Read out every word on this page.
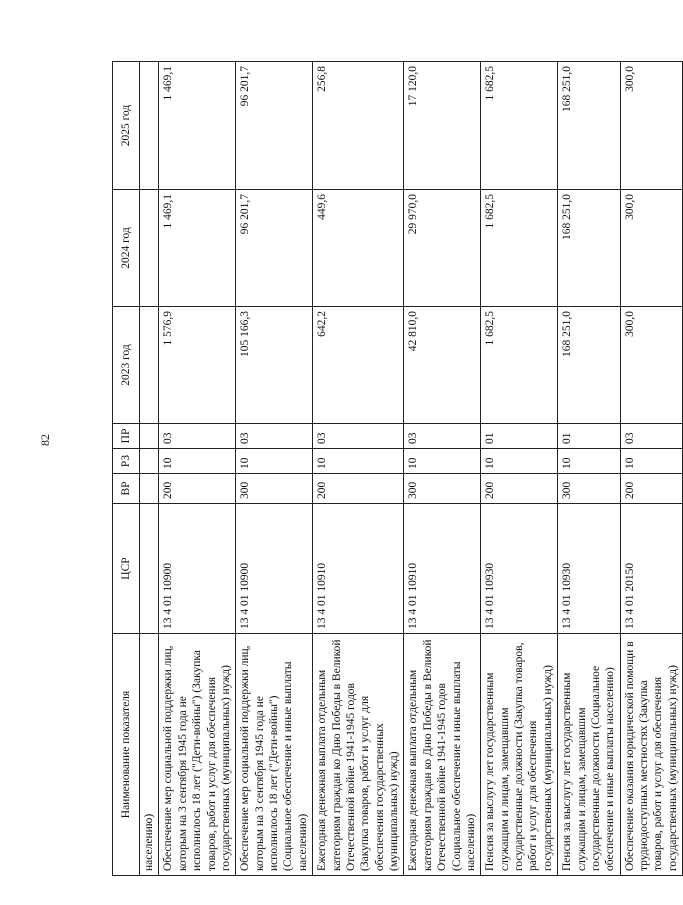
82
Наименование показателя	ЦСР	ВР	РЗ	ПР	2023 год	2024 год	2025 год
населению)							
Обеспечение мер социальной поддержки лиц, которым на 3 сентября 1945 года не исполнилось 18 лет ("Дети-войны") (Закупка товаров, работ и услуг для обеспечения государственных (муниципальных) нужд)	13 4 01 10900	200	10	03	1 576,9	1 469,1	1 469,1
Обеспечение мер социальной поддержки лиц, которым на 3 сентября 1945 года не исполнилось 18 лет ("Дети-войны") (Социальное обеспечение и иные выплаты населению)	13 4 01 10900	300	10	03	105 166,3	96 201,7	96 201,7
Ежегодная денежная выплата отдельным категориям граждан ко Дню Победы в Великой Отечественной войне 1941-1945 годов (Закупка товаров, работ и услуг для обеспечения государственных (муниципальных) нужд)	13 4 01 10910	200	10	03	642,2	449,6	256,8
Ежегодная денежная выплата отдельным категориям граждан ко Дню Победы в Великой Отечественной войне 1941-1945 годов (Социальное обеспечение и иные выплаты населению)	13 4 01 10910	300	10	03	42 810,0	29 970,0	17 120,0
Пенсия за выслугу лет государственным служащим и лицам, замещавшим государственные должности (Закупка товаров, работ и услуг для обеспечения государственных (муниципальных) нужд)	13 4 01 10930	200	10	01	1 682,5	1 682,5	1 682,5
Пенсия за выслугу лет государственным служащим и лицам, замещавшим государственные должности (Социальное обеспечение и иные выплаты населению)	13 4 01 10930	300	10	01	168 251,0	168 251,0	168 251,0
Обеспечение оказания юридической помощи в труднодоступных местностях (Закупка товаров, работ и услуг для обеспечения государственных (муниципальных) нужд)	13 4 01 20150	200	10	03	300,0	300,0	300,0
